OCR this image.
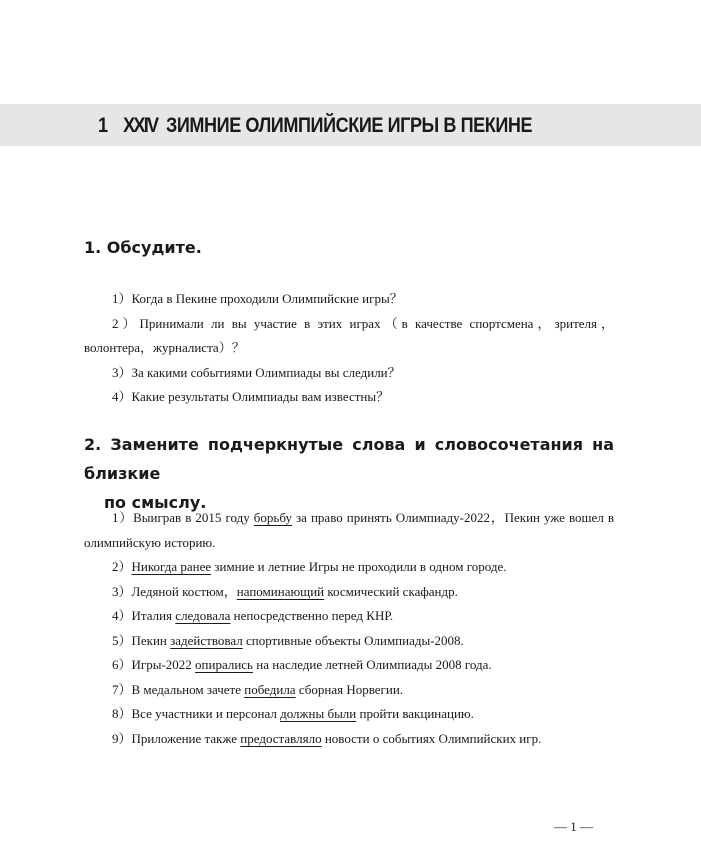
1 XXIV ЗИМНИЕ ОЛИМПИЙСКИЕ ИГРЫ В ПЕКИНЕ
1. Обсудите.

1）Когда в Пекине проходили Олимпийские игры？

2）Принимали ли вы участие в этих играх（в качестве спортсмена，зрителя，волонтера，журналиста）？

3）За какими событиями Олимпиады вы следили？

4）Какие результаты Олимпиады вам известны？

2. Замените подчеркнутые слова и словосочетания на близкие
по смыслу.

1）Выиграв в 2015 году борьбу за право принять Олимпиаду-2022，Пекин уже вошел в олимпийскую историю.

2）Никогда ранее зимние и летние Игры не проходили в одном городе.

3）Ледяной костюм，напоминающий космический скафандр.

4）Италия следовала непосредственно перед КНР.

5）Пекин задействовал спортивные объекты Олимпиады-2008.

6）Игры-2022 опирались на наследие летней Олимпиады 2008 года.

7）В медальном зачете победила сборная Норвегии.

8）Все участники и персонал должны были пройти вакцинацию.

9）Приложение также предоставляло новости о событиях Олимпийских игр.

— 1 —
